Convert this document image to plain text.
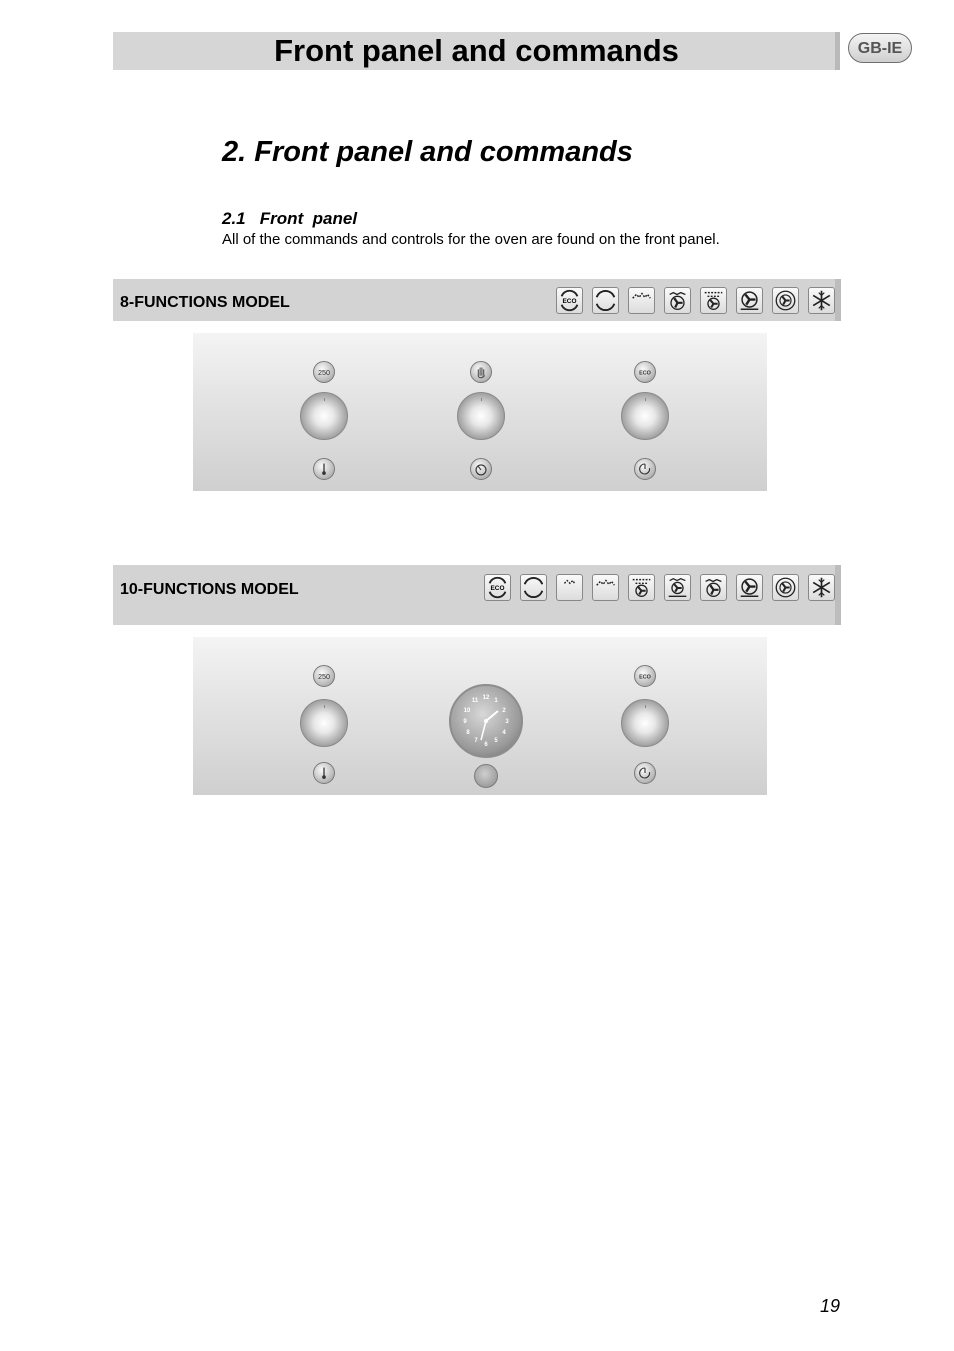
Front panel and commands	GB-IE
2. Front panel and commands
2.1   Front  panel
All of the commands and controls for the oven are found on the front panel.
8-FUNCTIONS MODEL	ECO
250	ECO
10-FUNCTIONS MODEL	ECO
250	ECO
12 1
2
3
4
5
6
7
8
9
10
11
19
